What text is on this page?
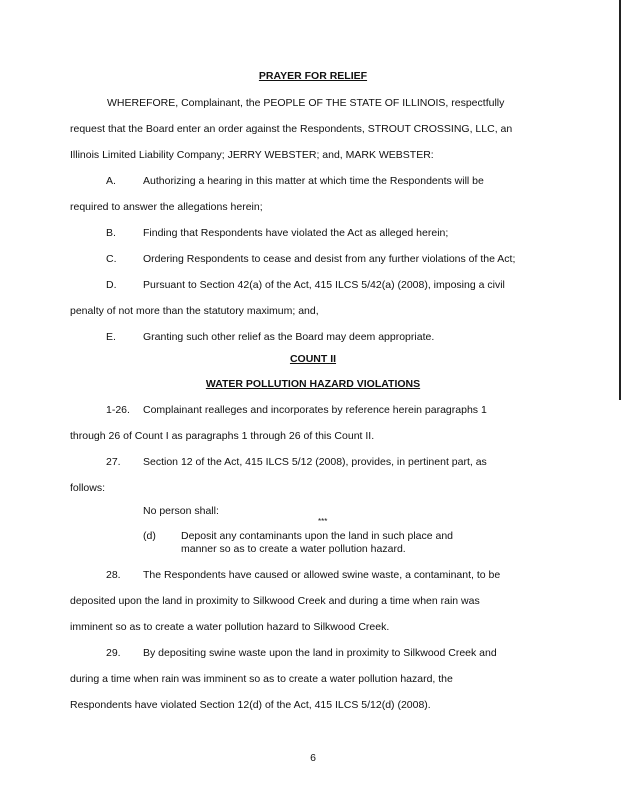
PRAYER FOR RELIEF
WHEREFORE, Complainant, the PEOPLE OF THE STATE OF ILLINOIS, respectfully
request that the Board enter an order against the Respondents, STROUT CROSSING, LLC, an
Illinois Limited Liability Company; JERRY WEBSTER; and, MARK WEBSTER:
A.	Authorizing a hearing in this matter at which time the Respondents will be
required to answer the allegations herein;
B.	Finding that Respondents have violated the Act as alleged herein;
C.	Ordering Respondents to cease and desist from any further violations of the Act;
D.	Pursuant to Section 42(a) of the Act, 415 ILCS 5/42(a) (2008), imposing a civil
penalty of not more than the statutory maximum; and,
E.	Granting such other relief as the Board may deem appropriate.
COUNT II
WATER POLLUTION HAZARD VIOLATIONS
1-26. Complainant realleges and incorporates by reference herein paragraphs 1
through 26 of Count I as paragraphs 1 through 26 of this Count II.
27. Section 12 of the Act, 415 ILCS 5/12 (2008), provides, in pertinent part, as
follows:
No person shall:
***
(d) Deposit any contaminants upon the land in such place and
manner so as to create a water pollution hazard.
28. The Respondents have caused or allowed swine waste, a contaminant, to be
deposited upon the land in proximity to Silkwood Creek and during a time when rain was
imminent so as to create a water pollution hazard to Silkwood Creek.
29. By depositing swine waste upon the land in proximity to Silkwood Creek and
during a time when rain was imminent so as to create a water pollution hazard, the
Respondents have violated Section 12(d) of the Act, 415 ILCS 5/12(d) (2008).
6
